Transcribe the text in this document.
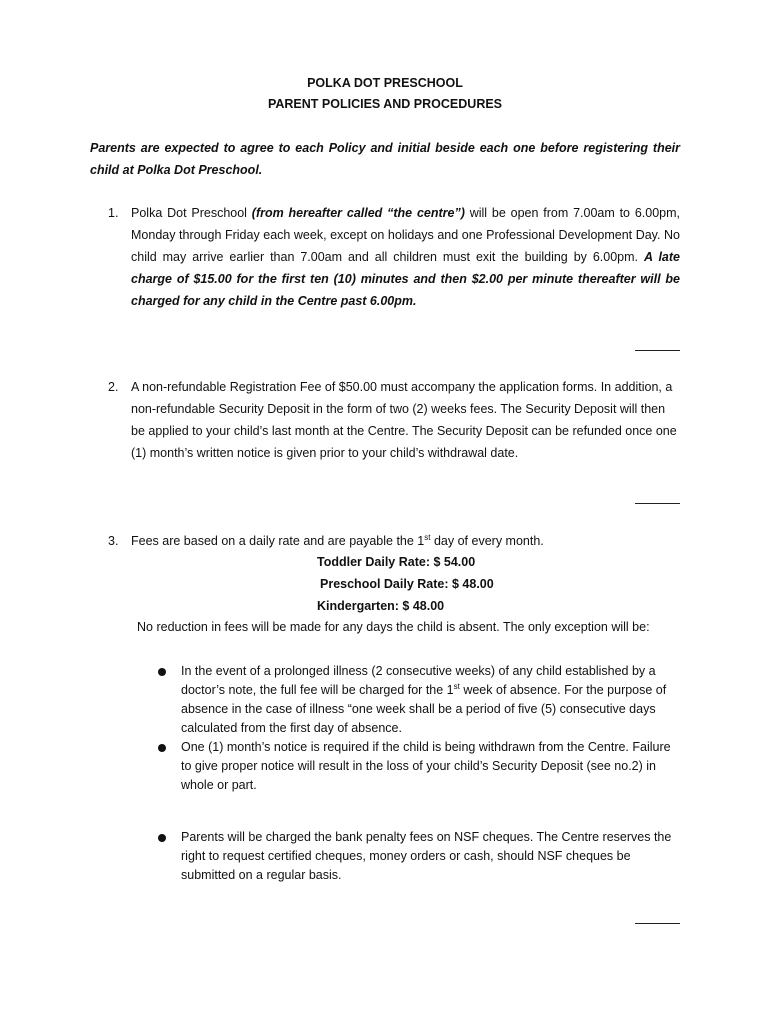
POLKA DOT PRESCHOOL
PARENT POLICIES AND PROCEDURES
Parents are expected to agree to each Policy and initial beside each one before registering their child at Polka Dot Preschool.
1. Polka Dot Preschool (from hereafter called “the centre”) will be open from 7.00am to 6.00pm, Monday through Friday each week, except on holidays and one Professional Development Day. No child may arrive earlier than 7.00am and all children must exit the building by 6.00pm. A late charge of $15.00 for the first ten (10) minutes and then $2.00 per minute thereafter will be charged for any child in the Centre past 6.00pm.
2. A non-refundable Registration Fee of $50.00 must accompany the application forms. In addition, a non-refundable Security Deposit in the form of two (2) weeks fees. The Security Deposit will then be applied to your child’s last month at the Centre. The Security Deposit can be refunded once one (1) month’s written notice is given prior to your child’s withdrawal date.
3. Fees are based on a daily rate and are payable the 1st day of every month.
Toddler Daily Rate: $ 54.00
Preschool Daily Rate: $ 48.00
Kindergarten: $ 48.00
No reduction in fees will be made for any days the child is absent. The only exception will be:
In the event of a prolonged illness (2 consecutive weeks) of any child established by a doctor’s note, the full fee will be charged for the 1st week of absence. For the purpose of absence in the case of illness “one week shall be a period of five (5) consecutive days calculated from the first day of absence.
One (1) month’s notice is required if the child is being withdrawn from the Centre. Failure to give proper notice will result in the loss of your child’s Security Deposit (see no.2) in whole or part.
Parents will be charged the bank penalty fees on NSF cheques. The Centre reserves the right to request certified cheques, money orders or cash, should NSF cheques be submitted on a regular basis.
